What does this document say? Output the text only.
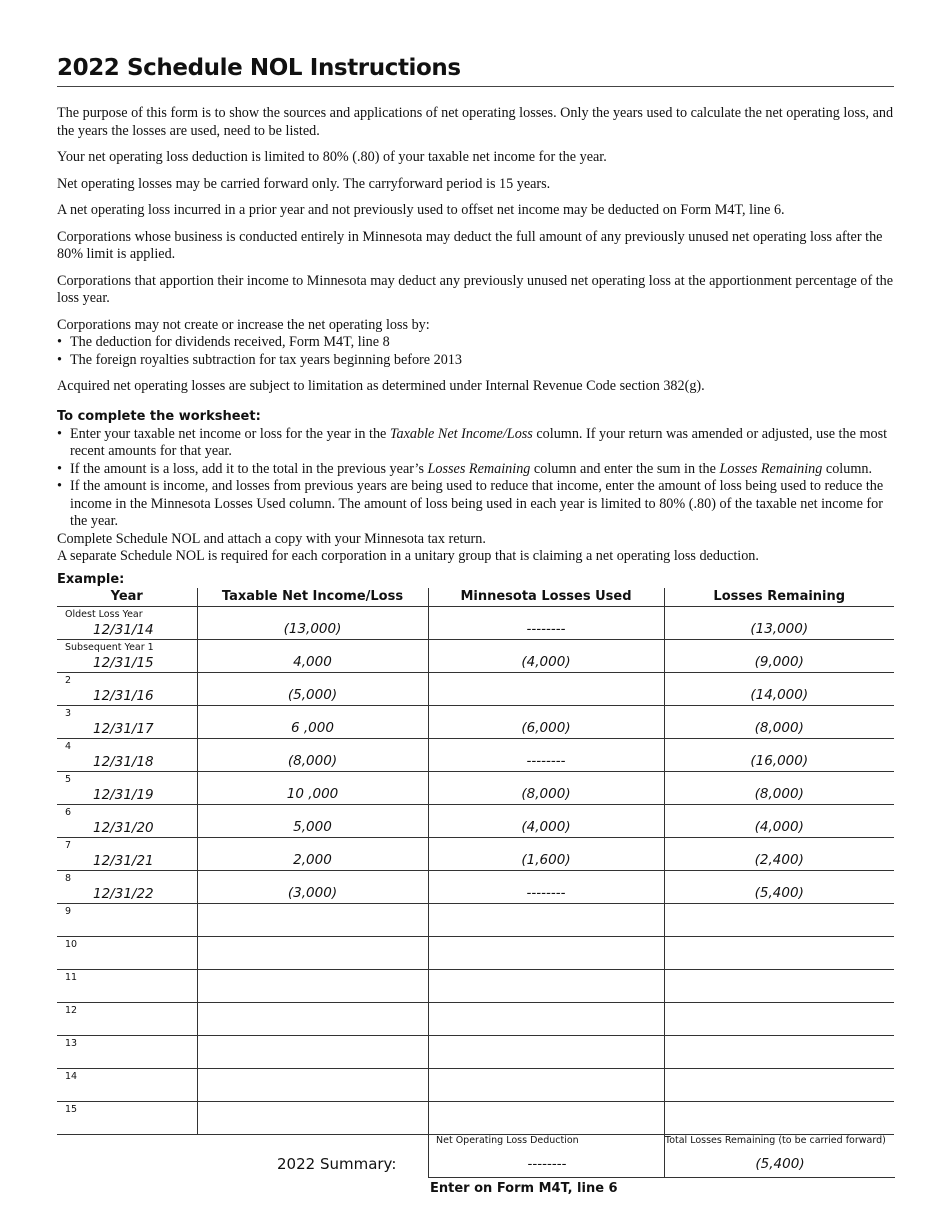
2022 Schedule NOL Instructions

The purpose of this form is to show the sources and applications of net operating losses. Only the years used to calculate the net operating loss, and the years the losses are used, need to be listed.

Your net operating loss deduction is limited to 80% (.80) of your taxable net income for the year.

Net operating losses may be carried forward only. The carryforward period is 15 years.

A net operating loss incurred in a prior year and not previously used to offset net income may be deducted on Form M4T, line 6.

Corporations whose business is conducted entirely in Minnesota may deduct the full amount of any previously unused net operating loss after the 80% limit is applied.

Corporations that apportion their income to Minnesota may deduct any previously unused net operating loss at the apportionment percentage of the loss year.

Corporations may not create or increase the net operating loss by:

• The deduction for dividends received, Form M4T, line 8
• The foreign royalties subtraction for tax years beginning before 2013

Acquired net operating losses are subject to limitation as determined under Internal Revenue Code section 382(g).

To complete the worksheet:
• Enter your taxable net income or loss for the year in the Taxable Net Income/Loss column. If your return was amended or adjusted, use the most recent amounts for that year.
• If the amount is a loss, add it to the total in the previous year’s Losses Remaining column and enter the sum in the Losses Remaining column.
• If the amount is income, and losses from previous years are being used to reduce that income, enter the amount of loss being used to reduce the income in the Minnesota Losses Used column. The amount of loss being used in each year is limited to 80% (.80) of the taxable net income for the year.

Complete Schedule NOL and attach a copy with your Minnesota tax return.

A separate Schedule NOL is required for each corporation in a unitary group that is claiming a net operating loss deduction.

Example:
Year	Taxable Net Income/Loss	Minnesota Losses Used	Losses Remaining

Oldest Loss Year
12/31/14	(13,000)	--------	(13,000)

Subsequent Year 1
12/31/15	4,000	(4,000)	(9,000)

2
12/31/16	(5,000)		(14,000)

3
12/31/17	6 ,000	(6,000)	(8,000)

4
12/31/18	(8,000)	--------	(16,000)

5
12/31/19	10 ,000	(8,000)	(8,000)

6
12/31/20	5,000	(4,000)	(4,000)

7
12/31/21	2,000	(1,600)	(2,400)

8
12/31/22	(3,000)	--------	(5,400)

9			

10			

11			

12			

13			

14			

15			

2022 Summary:
Net Operating Loss Deduction
--------
Total Losses Remaining (to be carried forward)
(5,400)
Enter on Form M4T, line 6
